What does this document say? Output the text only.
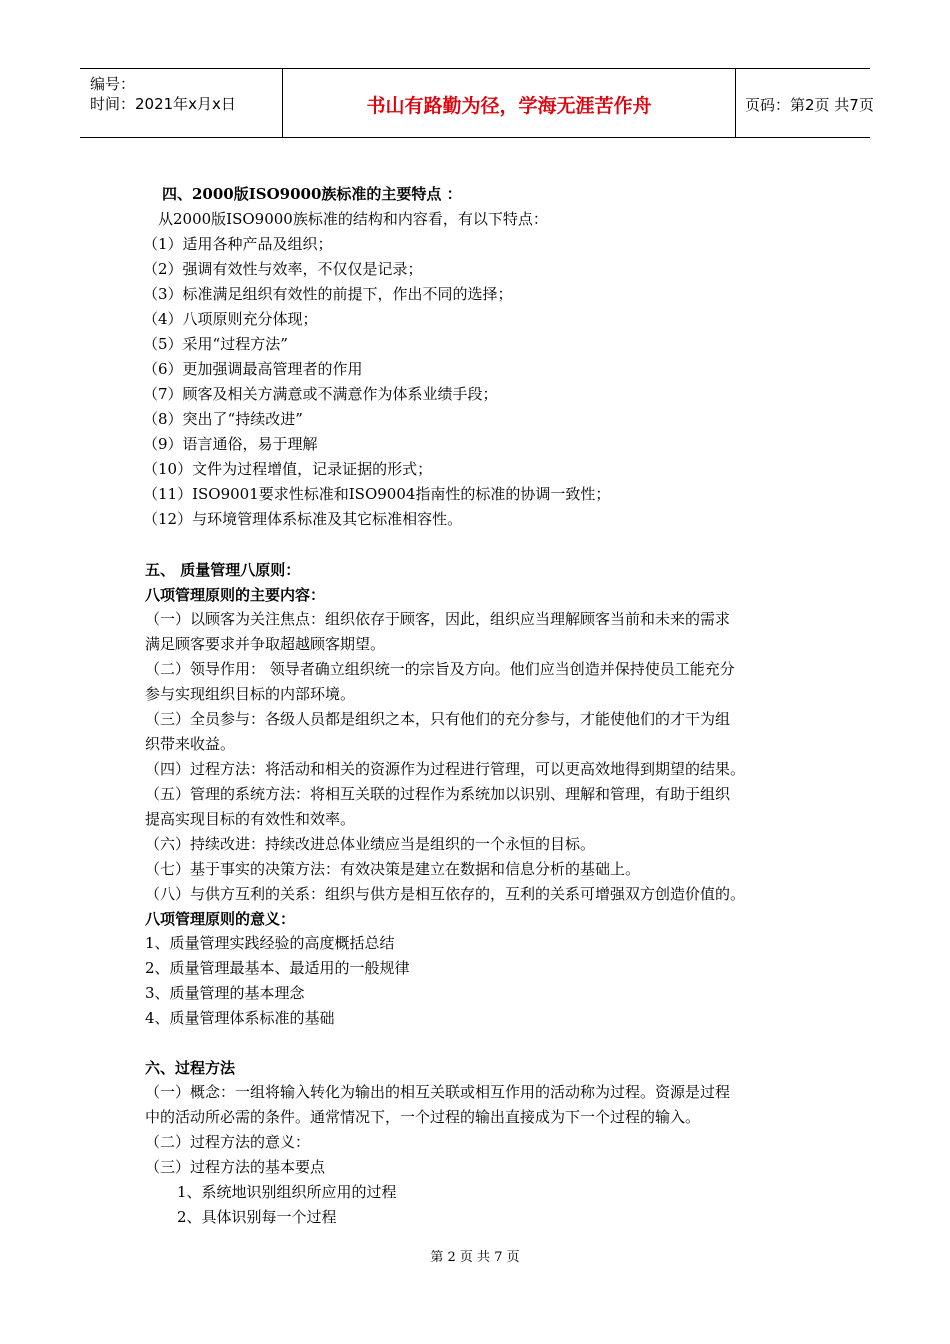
编号：
时间：2021年x月x日	书山有路勤为径，学海无涯苦作舟	页码：第2页 共7页
四、2000版ISO9000族标准的主要特点 ：
从2000版ISO9000族标准的结构和内容看，有以下特点：
（1）适用各种产品及组织；
（2）强调有效性与效率，不仅仅是记录；
（3）标准满足组织有效性的前提下，作出不同的选择；
（4）八项原则充分体现；
（5）采用“过程方法”
（6）更加强调最高管理者的作用
（7）顾客及相关方满意或不满意作为体系业绩手段；
（8）突出了“持续改进”
（9）语言通俗，易于理解
（10）文件为过程增值，记录证据的形式；
（11）ISO9001要求性标准和ISO9004指南性的标准的协调一致性；
（12）与环境管理体系标准及其它标准相容性。
五、 质量管理八原则：
八项管理原则的主要内容：
（一）以顾客为关注焦点：组织依存于顾客，因此，组织应当理解顾客当前和未来的需求
满足顾客要求并争取超越顾客期望。
（二）领导作用： 领导者确立组织统一的宗旨及方向。他们应当创造并保持使员工能充分
参与实现组织目标的内部环境。
（三）全员参与：各级人员都是组织之本，只有他们的充分参与，才能使他们的才干为组
织带来收益。
（四）过程方法：将活动和相关的资源作为过程进行管理，可以更高效地得到期望的结果。
（五）管理的系统方法：将相互关联的过程作为系统加以识别、理解和管理，有助于组织
提高实现目标的有效性和效率。
（六）持续改进：持续改进总体业绩应当是组织的一个永恒的目标。
（七）基于事实的决策方法：有效决策是建立在数据和信息分析的基础上。
（八）与供方互利的关系：组织与供方是相互依存的，互利的关系可增强双方创造价值的。
八项管理原则的意义：
1、质量管理实践经验的高度概括总结
2、质量管理最基本、最适用的一般规律
3、质量管理的基本理念
4、质量管理体系标准的基础
六、过程方法
（一）概念：一组将输入转化为输出的相互关联或相互作用的活动称为过程。资源是过程
中的活动所必需的条件。通常情况下，一个过程的输出直接成为下一个过程的输入。
（二）过程方法的意义：
（三）过程方法的基本要点
1、系统地识别组织所应用的过程
2、具体识别每一个过程
第 2 页 共 7 页
